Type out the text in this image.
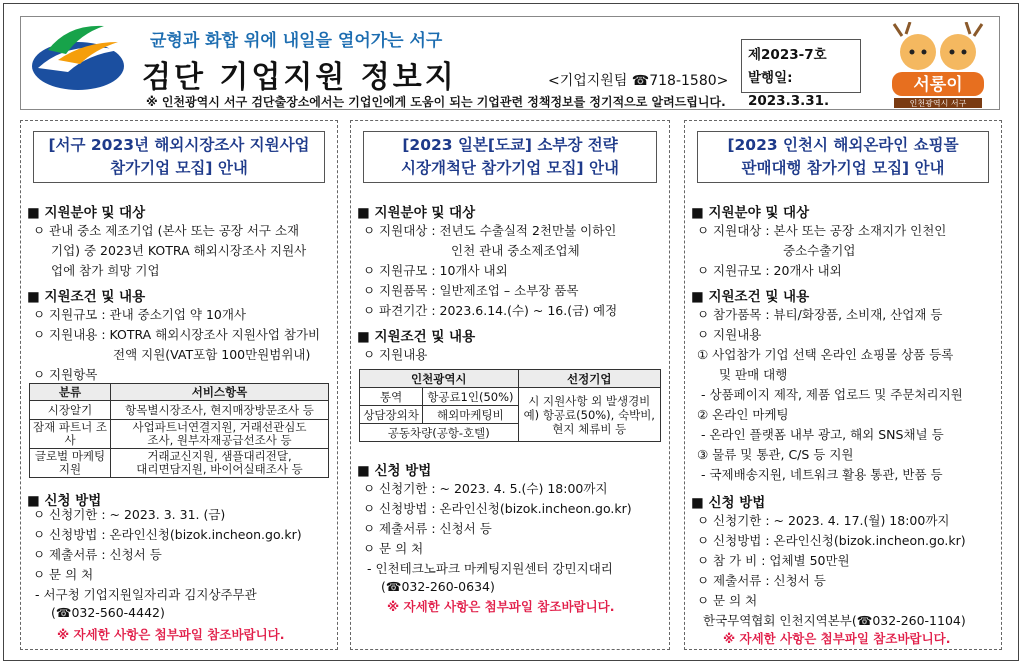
균형과 화합 위에 내일을 열어가는 서구
검단 기업지원 정보지	<기업지원팀 ☎718-1580>
※ 인천광역시 서구 검단출장소에서는 기업인에게 도움이 되는 기업관련 정책정보를 정기적으로 알려드립니다.
제2023-7호
발행일: 2023.3.31.
서롱이
인천광역시 서구
[서구 2023년 해외시장조사 지원사업
참가기업 모집] 안내
■ 지원분야 및 대상
ㅇ 관내 중소 제조기업 (본사 또는 공장 서구 소재
기업) 중 2023년 KOTRA 해외시장조사 지원사
업에 참가 희망 기업
■ 지원조건 및 내용
ㅇ 지원규모 : 관내 중소기업 약 10개사
ㅇ 지원내용 : KOTRA 해외시장조사 지원사업 참가비
전액 지원(VAT포함 100만원범위내)
ㅇ 지원항목
분류	서비스항목
시장알기	항목별시장조사, 현지매장방문조사 등
잠재 파트너 조사	사업파트너연결지원, 거래선관심도
조사, 원부자재공급선조사 등

글로벌 마케팅 지원	거래교신지원, 샘플대리전달,
대리면담지원, 바이어실태조사 등
■ 신청 방법
ㅇ 신청기한 : ~ 2023. 3. 31. (금)
ㅇ 신청방법 : 온라인신청(bizok.incheon.go.kr)
ㅇ 제출서류 : 신청서 등
ㅇ 문 의 처
- 서구청 기업지원일자리과 김지상주무관
(☎032-560-4442)
※ 자세한 사항은 첨부파일 참조바랍니다.
[2023 일본[도쿄] 소부장 전략
시장개척단 참가기업 모집] 안내
■ 지원분야 및 대상
ㅇ 지원대상 : 전년도 수출실적 2천만불 이하인
인천 관내 중소제조업체
ㅇ 지원규모 : 10개사 내외
ㅇ 지원품목 : 일반제조업 – 소부장 품목
ㅇ 파견기간 : 2023.6.14.(수) ~ 16.(금) 예정
■ 지원조건 및 내용
ㅇ 지원내용
인천광역시		선정기업
통역	항공료1인(50%)	시 지원사항 외 발생경비
예) 항공료(50%), 숙박비,
현지 체류비 등

상담장외차	해외마케팅비	
공동차량(공항-호텔)		
■ 신청 방법
ㅇ 신청기한 : ~ 2023. 4. 5.(수) 18:00까지
ㅇ 신청방법 : 온라인신청(bizok.incheon.go.kr)
ㅇ 제출서류 : 신청서 등
ㅇ 문 의 처
- 인천테크노파크 마케팅지원센터 강민지대리
(☎032-260-0634)
※ 자세한 사항은 첨부파일 참조바랍니다.
[2023 인천시 해외온라인 쇼핑몰
판매대행 참가기업 모집] 안내
■ 지원분야 및 대상
ㅇ 지원대상 : 본사 또는 공장 소재지가 인천인
중소수출기업
ㅇ 지원규모 : 20개사 내외
■ 지원조건 및 내용
ㅇ 참가품목 : 뷰티/화장품, 소비재, 산업재 등
ㅇ 지원내용
① 사업참가 기업 선택 온라인 쇼핑몰 상품 등록
및 판매 대행
- 상품페이지 제작, 제품 업로드 및 주문처리지원
② 온라인 마케팅
- 온라인 플랫폼 내부 광고, 해외 SNS채널 등
③ 물류 및 통관, C/S 등 지원
- 국제배송지원, 네트워크 활용 통관, 반품 등
■ 신청 방법
ㅇ 신청기한 : ~ 2023. 4. 17.(월) 18:00까지
ㅇ 신청방법 : 온라인신청(bizok.incheon.go.kr)
ㅇ 참 가 비 : 업체별 50만원
ㅇ 제출서류 : 신청서 등
ㅇ 문 의 처
한국무역협회 인천지역본부(☎032-260-1104)
※ 자세한 사항은 첨부파일 참조바랍니다.
